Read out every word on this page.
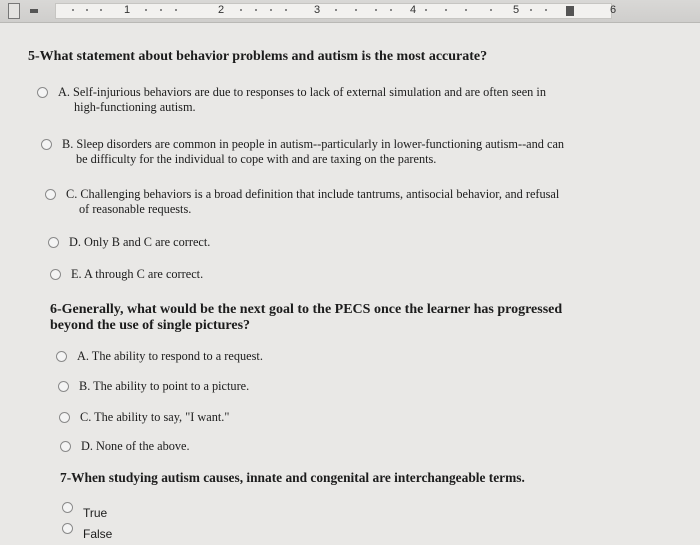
1	2	3	4	5	6
5-What statement about behavior problems and autism is the most accurate?
A. Self-injurious behaviors are due to responses to lack of external simulation and are often seen in
high-functioning autism.
B. Sleep disorders are common in people in autism--particularly in lower-functioning autism--and can
be difficulty for the individual to cope with and are taxing on the parents.
C. Challenging behaviors is a broad definition that include tantrums, antisocial behavior, and refusal
of reasonable requests.
D. Only B and C are correct.
E. A through C are correct.
6-Generally, what would be the next goal to the PECS once the learner has progressed
beyond the use of single pictures?
A. The ability to respond to a request.
B. The ability to point to a picture.
C. The ability to say, "I want."
D. None of the above.
7-When studying autism causes, innate and congenital are interchangeable terms.
True
False
